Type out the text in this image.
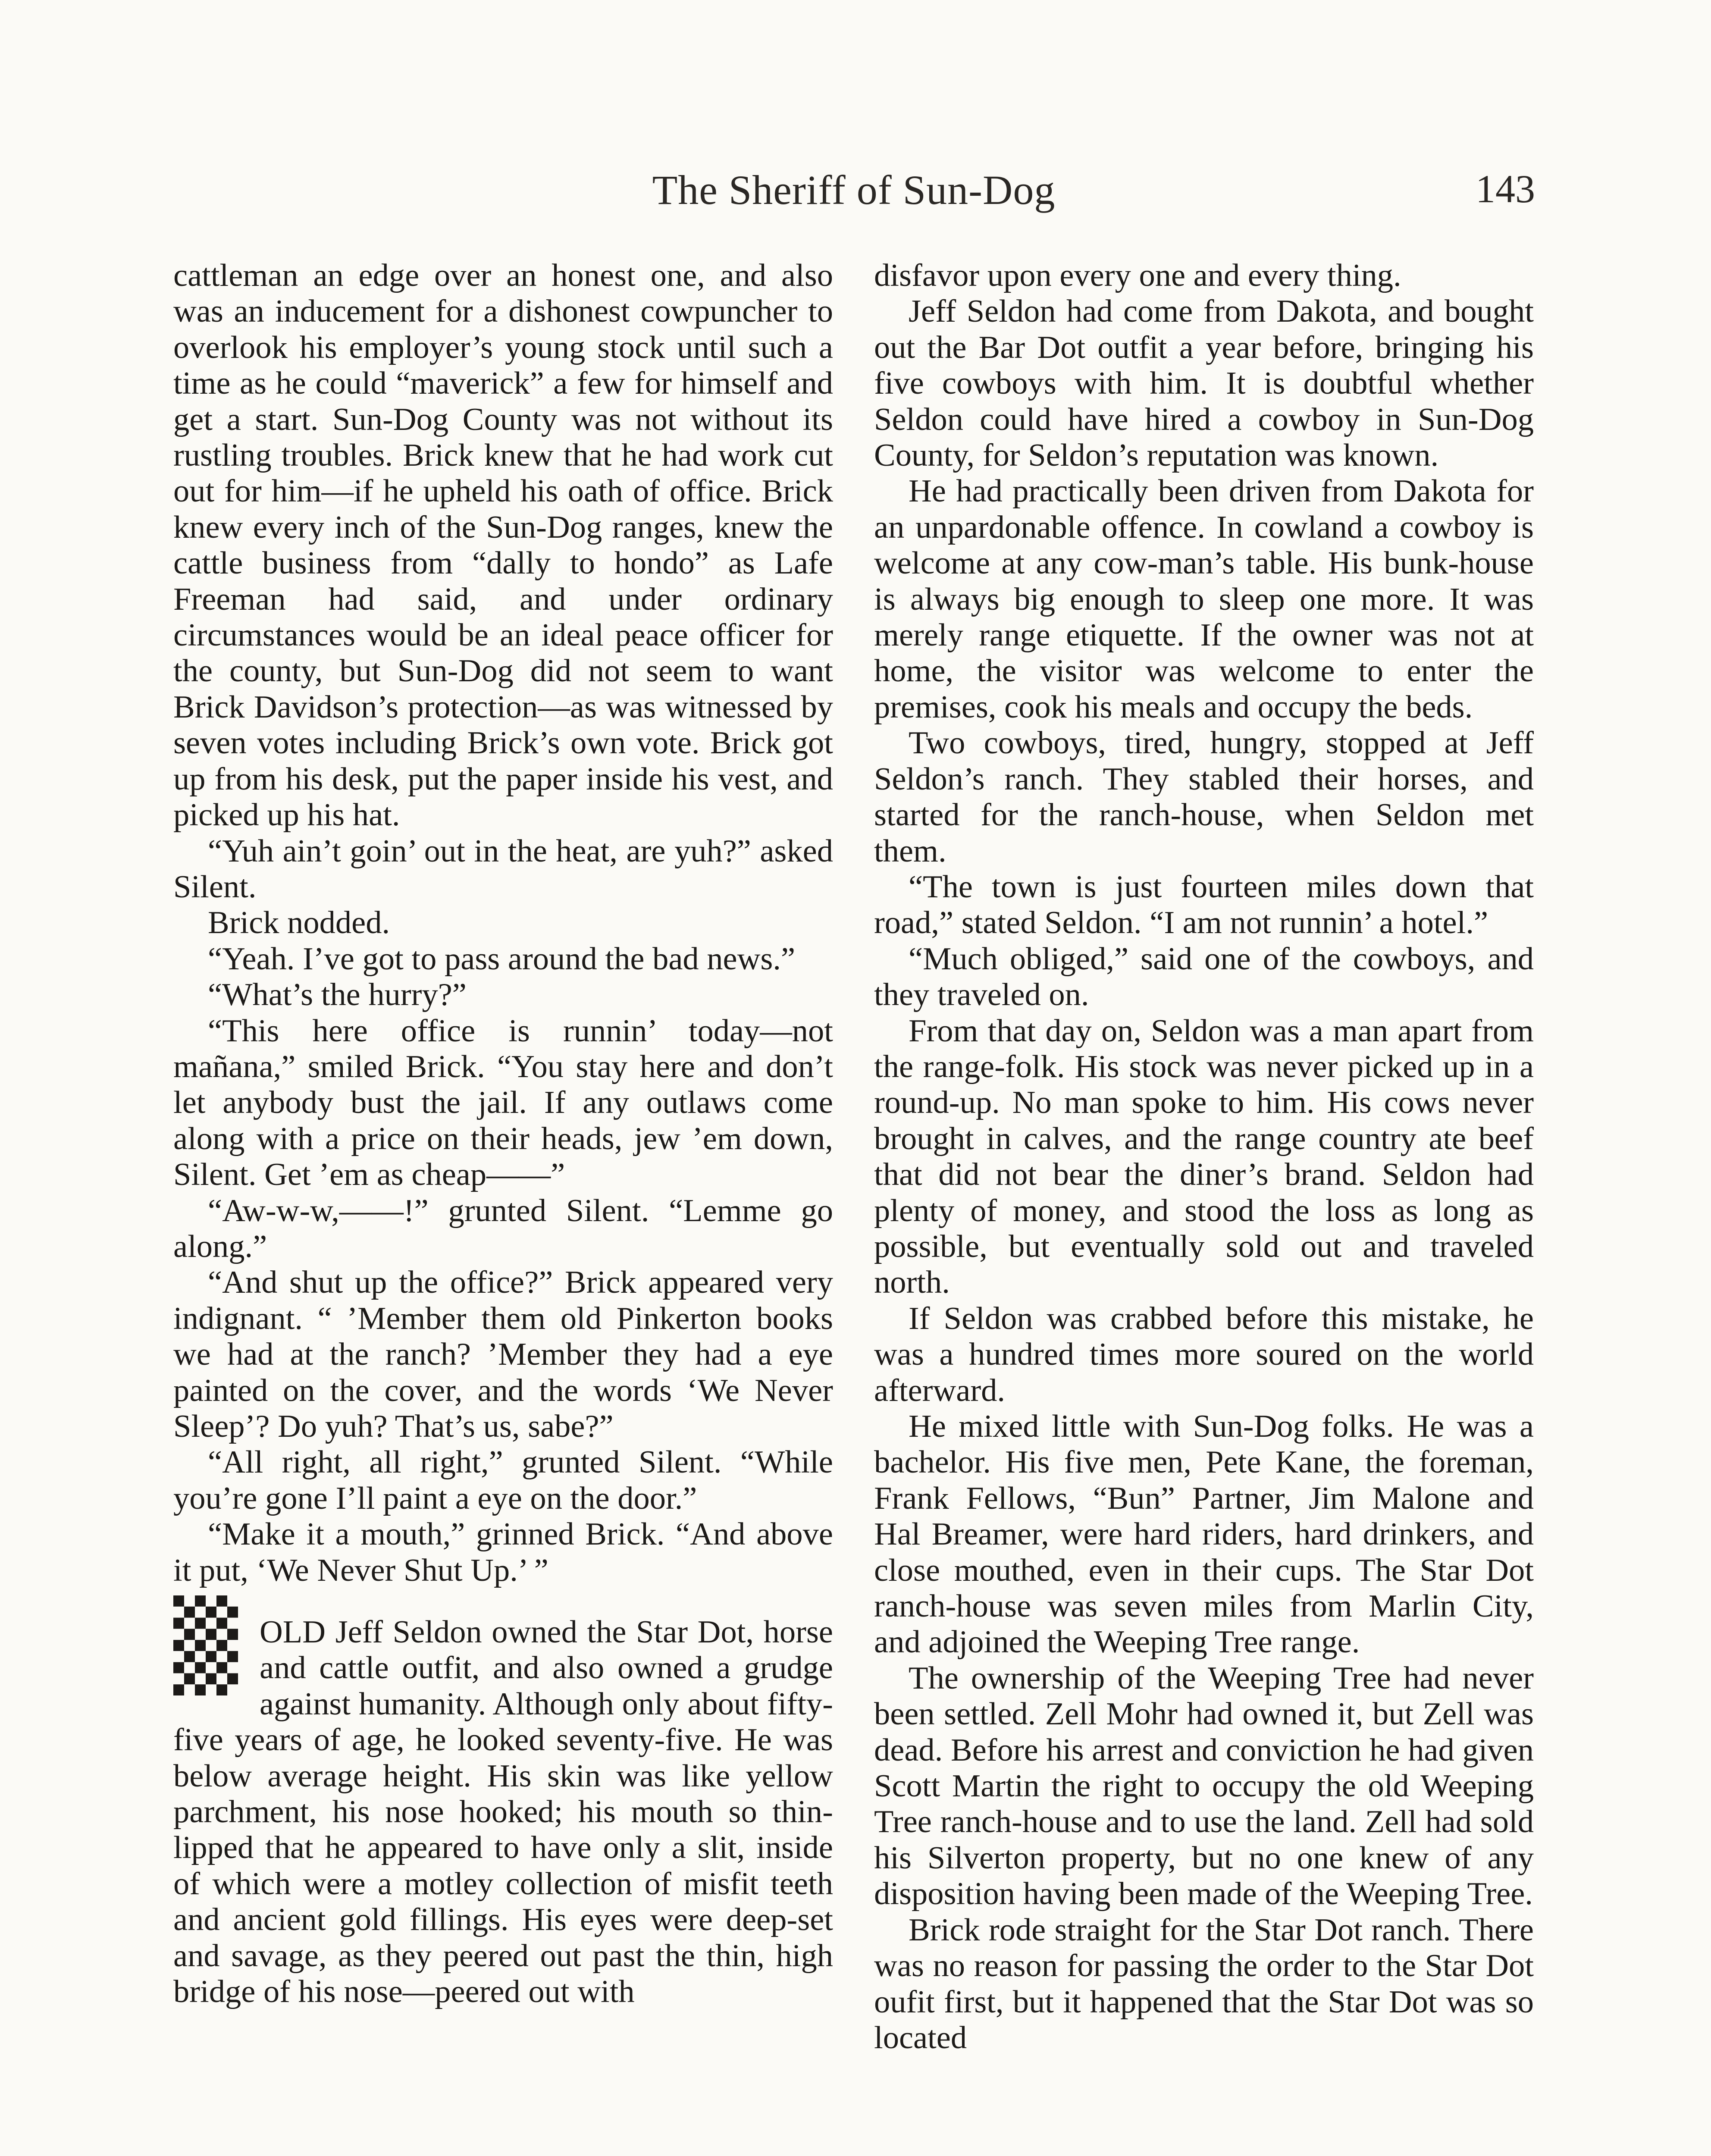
The Sheriff of Sun-Dog	143

cattleman an edge over an honest one, and also was an inducement for a dishonest cowpuncher to overlook his employer’s young stock until such a time as he could “maverick” a few for himself and get a start. Sun-Dog County was not without its rustling troubles. Brick knew that he had work cut out for him—if he upheld his oath of office. Brick knew every inch of the Sun-Dog ranges, knew the cattle business from “dally to hondo” as Lafe Freeman had said, and under ordinary circumstances would be an ideal peace officer for the county, but Sun-Dog did not seem to want Brick Davidson’s protection—as was witnessed by seven votes including Brick’s own vote. Brick got up from his desk, put the paper inside his vest, and picked up his hat.

“Yuh ain’t goin’ out in the heat, are yuh?” asked Silent.

Brick nodded.

“Yeah. I’ve got to pass around the bad news.”

“What’s the hurry?”

“This here office is runnin’ today—not mañana,” smiled Brick. “You stay here and don’t let anybody bust the jail. If any outlaws come along with a price on their heads, jew ’em down, Silent. Get ’em as cheap——”

“Aw-w-w,——!” grunted Silent. “Lemme go along.”

“And shut up the office?” Brick appeared very indignant. “ ’Member them old Pinkerton books we had at the ranch? ’Member they had a eye painted on the cover, and the words ‘We Never Sleep’? Do yuh? That’s us, sabe?”

“All right, all right,” grunted Silent. “While you’re gone I’ll paint a eye on the door.”

“Make it a mouth,” grinned Brick. “And above it put, ‘We Never Shut Up.’ ”

OLD Jeff Seldon owned the Star Dot, horse and cattle outfit, and also owned a grudge against humanity. Although only about fifty-five years of age, he looked seventy-five. He was below average height. His skin was like yellow parchment, his nose hooked; his mouth so thin-lipped that he appeared to have only a slit, inside of which were a motley collection of misfit teeth and ancient gold fillings. His eyes were deep-set and savage, as they peered out past the thin, high bridge of his nose—peered out with

disfavor upon every one and every thing.

Jeff Seldon had come from Dakota, and bought out the Bar Dot outfit a year before, bringing his five cowboys with him. It is doubtful whether Seldon could have hired a cowboy in Sun-Dog County, for Seldon’s reputation was known.

He had practically been driven from Dakota for an unpardonable offence. In cowland a cowboy is welcome at any cow-man’s table. His bunk-house is always big enough to sleep one more. It was merely range etiquette. If the owner was not at home, the visitor was welcome to enter the premises, cook his meals and occupy the beds.

Two cowboys, tired, hungry, stopped at Jeff Seldon’s ranch. They stabled their horses, and started for the ranch-house, when Seldon met them.

“The town is just fourteen miles down that road,” stated Seldon. “I am not runnin’ a hotel.”

“Much obliged,” said one of the cowboys, and they traveled on.

From that day on, Seldon was a man apart from the range-folk. His stock was never picked up in a round-up. No man spoke to him. His cows never brought in calves, and the range country ate beef that did not bear the diner’s brand. Seldon had plenty of money, and stood the loss as long as possible, but eventually sold out and traveled north.

If Seldon was crabbed before this mistake, he was a hundred times more soured on the world afterward.

He mixed little with Sun-Dog folks. He was a bachelor. His five men, Pete Kane, the foreman, Frank Fellows, “Bun” Partner, Jim Malone and Hal Breamer, were hard riders, hard drinkers, and close mouthed, even in their cups. The Star Dot ranch-house was seven miles from Marlin City, and adjoined the Weeping Tree range.

The ownership of the Weeping Tree had never been settled. Zell Mohr had owned it, but Zell was dead. Before his arrest and conviction he had given Scott Martin the right to occupy the old Weeping Tree ranch-house and to use the land. Zell had sold his Silverton property, but no one knew of any disposition having been made of the Weeping Tree.

Brick rode straight for the Star Dot ranch. There was no reason for passing the order to the Star Dot oufit first, but it happened that the Star Dot was so located
